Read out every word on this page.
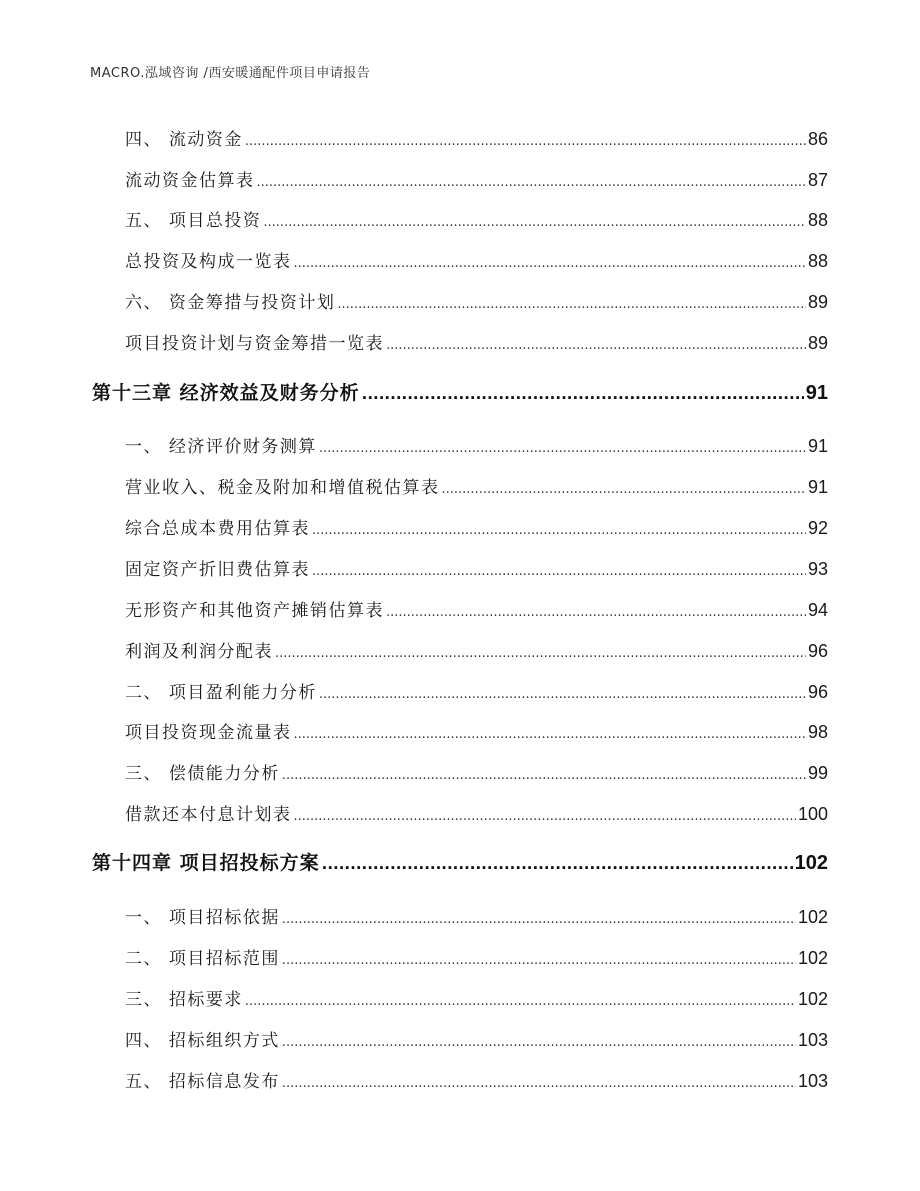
MACRO.泓域咨询 /西安暖通配件项目申请报告
四、 流动资金 .....	86
流动资金估算表 .....	87
五、 项目总投资 .....	88
总投资及构成一览表 .....	88
六、 资金筹措与投资计划 .....	89
项目投资计划与资金筹措一览表 .....	89
第十三章 经济效益及财务分析 .....	91
一、 经济评价财务测算 .....	91
营业收入、税金及附加和增值税估算表 .....	91
综合总成本费用估算表 .....	92
固定资产折旧费估算表 .....	93
无形资产和其他资产摊销估算表 .....	94
利润及利润分配表 .....	96
二、 项目盈利能力分析 .....	96
项目投资现金流量表 .....	98
三、 偿债能力分析 .....	99
借款还本付息计划表 .....	100
第十四章 项目招投标方案 .....	102
一、 项目招标依据 .....	102
二、 项目招标范围 .....	102
三、 招标要求 .....	102
四、 招标组织方式 .....	103
五、 招标信息发布 .....	103
